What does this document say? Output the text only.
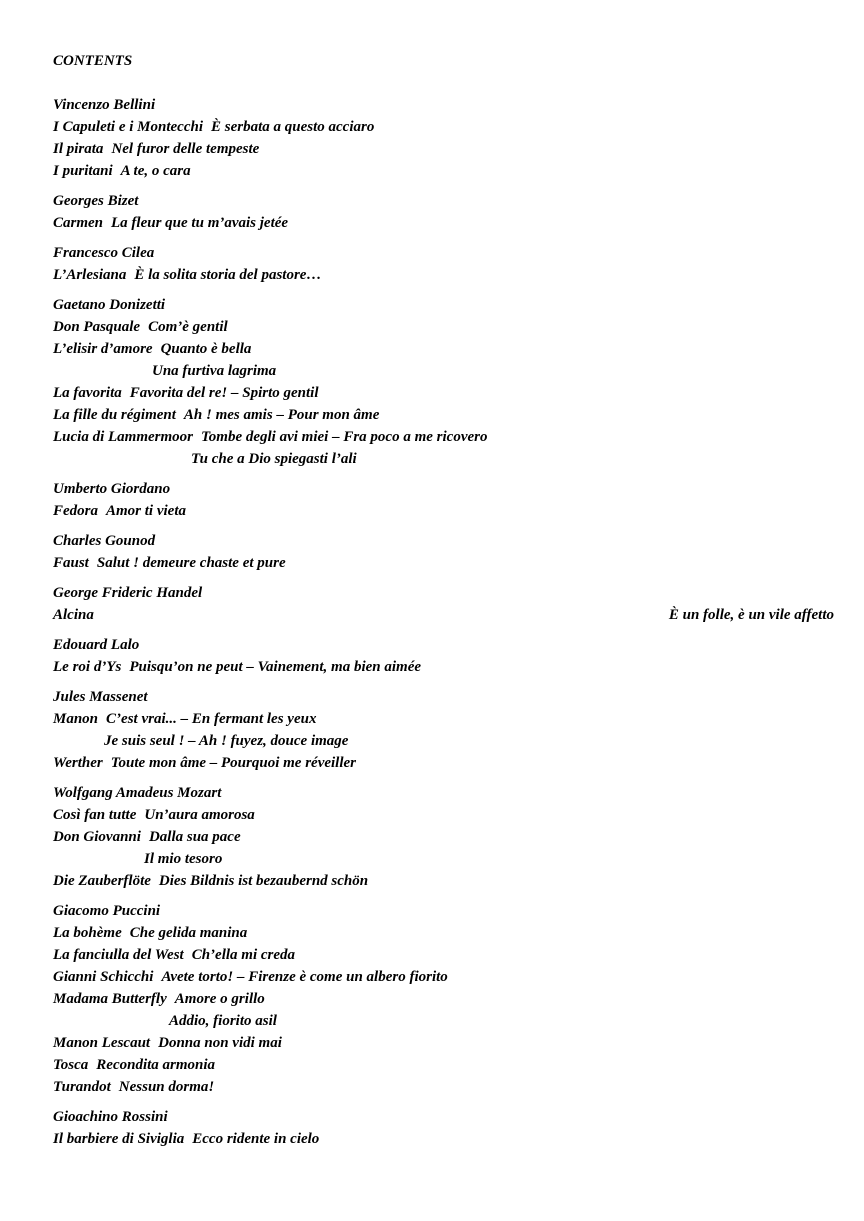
CONTENTS
Vincenzo Bellini
I Capuleti e i Montecchi È serbata a questo acciaro
Il pirata Nel furor delle tempeste
I puritani A te, o cara
Georges Bizet
Carmen La fleur que tu m’avais jetée
Francesco Cilea
L’Arlesiana È la solita storia del pastore…
Gaetano Donizetti
Don Pasquale Com’è gentil
L’elisir d’amore Quanto è bella
Una furtiva lagrima
La favorita Favorita del re! – Spirto gentil
La fille du régiment Ah ! mes amis – Pour mon âme
Lucia di Lammermoor Tombe degli avi miei – Fra poco a me ricovero
Tu che a Dio spiegasti l’ali
Umberto Giordano
Fedora Amor ti vieta
Charles Gounod
Faust Salut ! demeure chaste et pure
George Frideric Handel
Alcina	È un folle, è un vile affetto
Edouard Lalo
Le roi d’Ys Puisqu’on ne peut – Vainement, ma bien aimée
Jules Massenet
Manon C’est vrai... – En fermant les yeux
Je suis seul ! – Ah ! fuyez, douce image
Werther Toute mon âme – Pourquoi me réveiller
Wolfgang Amadeus Mozart
Così fan tutte Un’aura amorosa
Don Giovanni Dalla sua pace
Il mio tesoro
Die Zauberflöte Dies Bildnis ist bezaubernd schön
Giacomo Puccini
La bohème Che gelida manina
La fanciulla del West Ch’ella mi creda
Gianni Schicchi Avete torto! – Firenze è come un albero fiorito
Madama Butterfly Amore o grillo
Addio, fiorito asil
Manon Lescaut Donna non vidi mai
Tosca Recondita armonia
Turandot Nessun dorma!
Gioachino Rossini
Il barbiere di Siviglia Ecco ridente in cielo
